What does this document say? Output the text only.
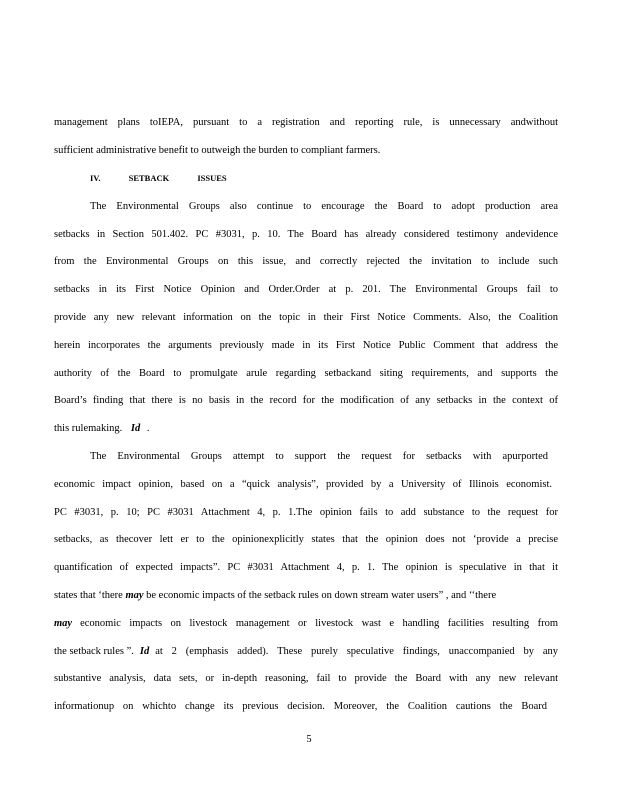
management plans toIEPA, pursuant to a registration and reporting rule, is unnecessary andwithout
sufficient administrative benefit to outweigh the burden to compliant farmers.
IV.	SETBACK	ISSUES
The Environmental Groups also continue to encourage the Board to adopt production area
setbacks in Section 501.402. PC #3031, p. 10. The Board has already considered testimony andevidence
from the Environmental Groups on this issue, and correctly rejected the invitation to include such
setbacks in its First Notice Opinion and Order.Order at p. 201. The Environmental Groups fail to
provide any new relevant information on the topic in their First Notice Comments. Also, the Coalition
herein incorporates the arguments previously made in its First Notice Public Comment that address the
authority of the Board to promulgate arule regarding setbackand siting requirements, and supports the
Board’s finding that there is no basis in the record for the modification of any setbacks in the context of
this rulemaking. Id .
The Environmental Groups attempt to support the request for setbacks with apurported
economic impact opinion, based on a “quick analysis”, provided by a University of Illinois economist.
PC #3031, p. 10; PC #3031 Attachment 4, p. 1.The opinion fails to add substance to the request for
setbacks, as thecover lett er to the opinionexplicitly states that the opinion does not ‘provide a precise
quantification of expected impacts”. PC #3031 Attachment 4, p. 1. The opinion is speculative in that it
states that ‘there may be economic impacts of the setback rules on down stream water users” , and ‘‘there
may economic impacts on livestock management or livestock wast e handling facilities resulting from
the setback rules ”. Id at 2 (emphasis added). These purely speculative findings, unaccompanied by any
substantive analysis, data sets, or in-depth reasoning, fail to provide the Board with any new relevant
informationup on whichto change its previous decision. Moreover, the Coalition cautions the Board
5
